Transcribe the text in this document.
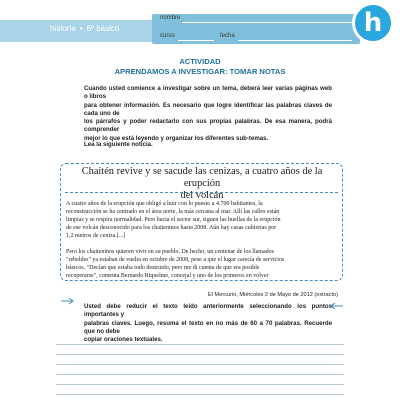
historia • 6º básico
nombre
curso	fecha	h
ACTIVIDAD
APRENDAMOS A INVESTIGAR: TOMAR NOTAS
Cuando usted comience a investigar sobre un tema, deberá leer varias páginas web o libros
para obtener información. Es necesario que logre identificar las palabras claves de cada uno de
los párrafos y poder redactarlo con sus propias palabras. De esa manera, podrá comprender
mejor lo que está leyendo y organizar los diferentes sub-temas.
Lea la siguiente noticia.
Chaitén revive y se sacude las cenizas, a cuatro años de la erupción
del volcán
A cuatro años de la erupción que obligó a huir con lo puesto a 4.700 habitantes, la
reconstrucción se ha centrado en el área norte, la más cercana al mar. Allí las calles están
limpias y se respira normalidad. Pero hacia el sector sur, siguen las huellas de la erupción
de ese volcán desconocido para los chaiteninos hasta 2008. Aún hay casas cubiertas por
1,2 metros de ceniza.[...]
Pero los chaiteninos quieren vivir en su pueblo. De hecho, un centenar de los llamados
"rebeldes" ya estaban de vuelta en octubre de 2008, pese a que el lugar carecía de servicios
básicos. "Decían que estaba todo destruido, pero me di cuenta de que era posible
recuperarse", comenta Bernardo Riquelme, concejal y uno de los primeros en volver
El Mercurio, Miércoles 2 de Mayo de 2012 (extracto)
Usted debe reducir el texto leído anteriormente seleccionando los puntos importantes y
palabras claves. Luego, resuma el texto en no más de 60 a 70 palabras. Recuerde que no debe
copiar oraciones textuales.
